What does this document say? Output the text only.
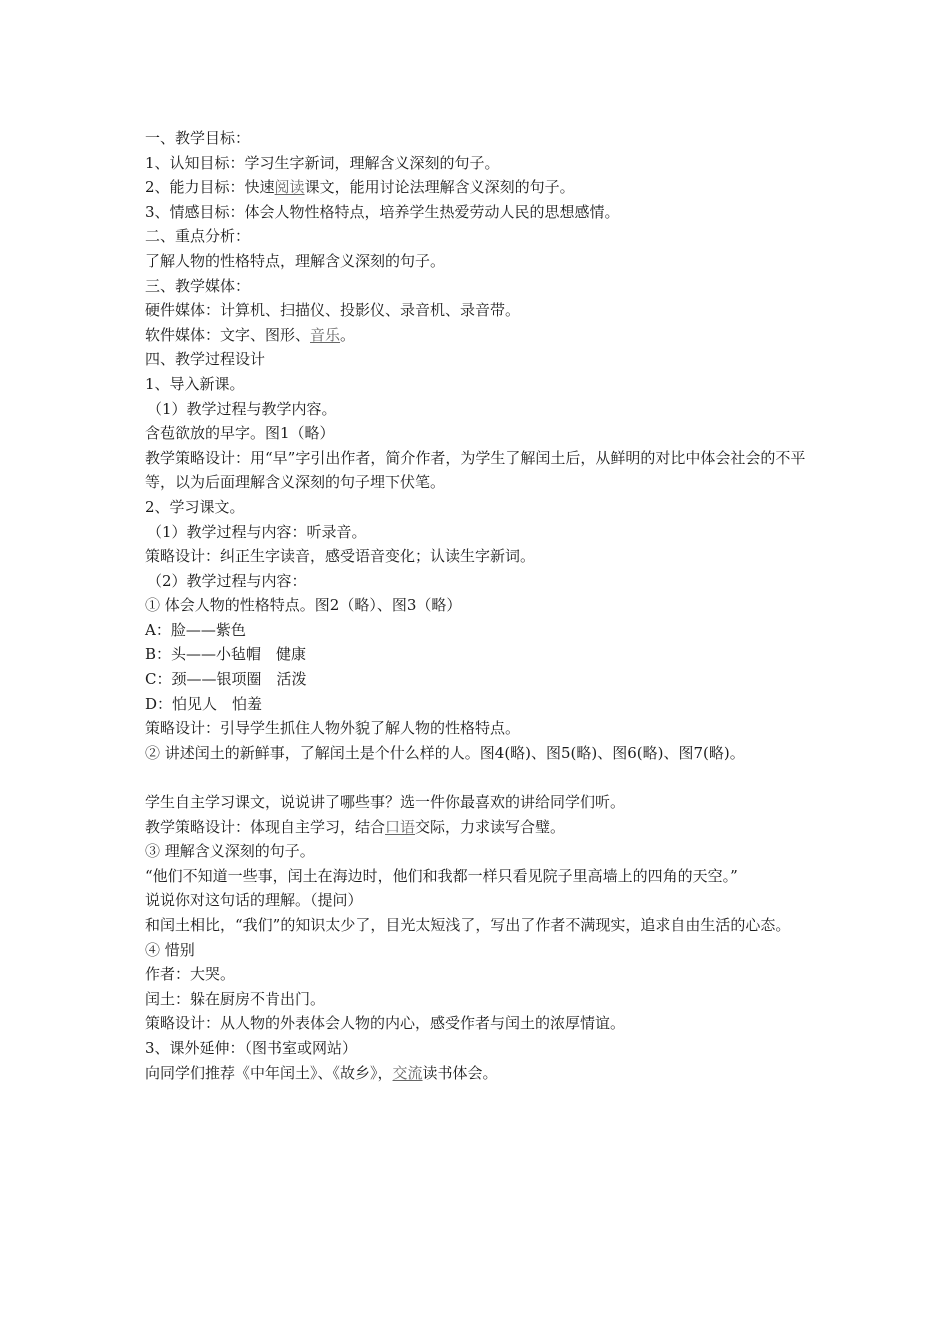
一、教学目标：
1、认知目标：学习生字新词，理解含义深刻的句子。
2、能力目标：快速阅读课文，能用讨论法理解含义深刻的句子。
3、情感目标：体会人物性格特点，培养学生热爱劳动人民的思想感情。
二、重点分析：
了解人物的性格特点，理解含义深刻的句子。
三、教学媒体：
硬件媒体：计算机、扫描仪、投影仪、录音机、录音带。
软件媒体：文字、图形、音乐。
四、教学过程设计
1、导入新课。
（1）教学过程与教学内容。
含苞欲放的早字。图1（略）
教学策略设计：用“早”字引出作者，简介作者，为学生了解闰土后，从鲜明的对比中体会社会的不平等，以为后面理解含义深刻的句子埋下伏笔。
2、学习课文。
（1）教学过程与内容：听录音。
策略设计：纠正生字读音，感受语音变化；认读生字新词。
（2）教学过程与内容：
① 体会人物的性格特点。图2（略）、图3（略）
A：脸——紫色
B：头——小毡帽　健康
C：颈——银项圈　活泼
D：怕见人　怕羞
策略设计：引导学生抓住人物外貌了解人物的性格特点。
② 讲述闰土的新鲜事，了解闰土是个什么样的人。图4(略)、图5(略)、图6(略)、图7(略)。
学生自主学习课文，说说讲了哪些事？选一件你最喜欢的讲给同学们听。
教学策略设计：体现自主学习，结合口语交际，力求读写合璧。
③ 理解含义深刻的句子。
“他们不知道一些事，闰土在海边时，他们和我都一样只看见院子里高墙上的四角的天空。”
说说你对这句话的理解。（提问）
和闰土相比，“我们”的知识太少了，目光太短浅了，写出了作者不满现实，追求自由生活的心态。
④ 惜别
作者：大哭。
闰土：躲在厨房不肯出门。
策略设计：从人物的外表体会人物的内心，感受作者与闰土的浓厚情谊。
3、课外延伸：（图书室或网站）
向同学们推荐《中年闰土》、《故乡》，交流读书体会。
